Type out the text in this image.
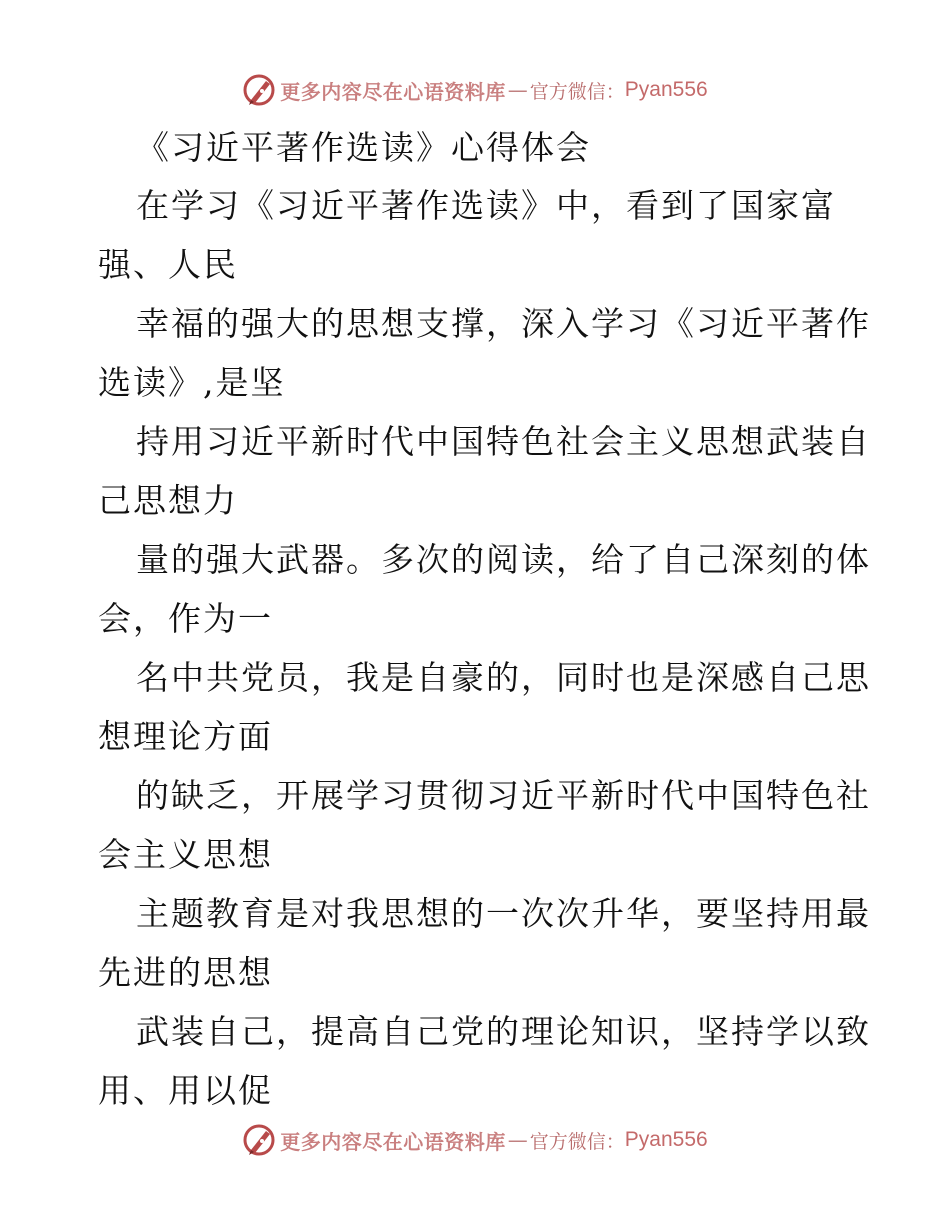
更多内容尽在心语资料库 — 官方微信： Pyan556
《习近平著作选读》心得体会
在学习《习近平著作选读》中，看到了国家富
强、人民
幸福的强大的思想支撑，深入学习《习近平著作
选读》,是坚
持用习近平新时代中国特色社会主义思想武装自
己思想力
量的强大武器。多次的阅读，给了自己深刻的体
会，作为一
名中共党员，我是自豪的，同时也是深感自己思
想理论方面
的缺乏，开展学习贯彻习近平新时代中国特色社
会主义思想
主题教育是对我思想的一次次升华，要坚持用最
先进的思想
武装自己，提高自己党的理论知识，坚持学以致
用、用以促
更多内容尽在心语资料库 — 官方微信： Pyan556
